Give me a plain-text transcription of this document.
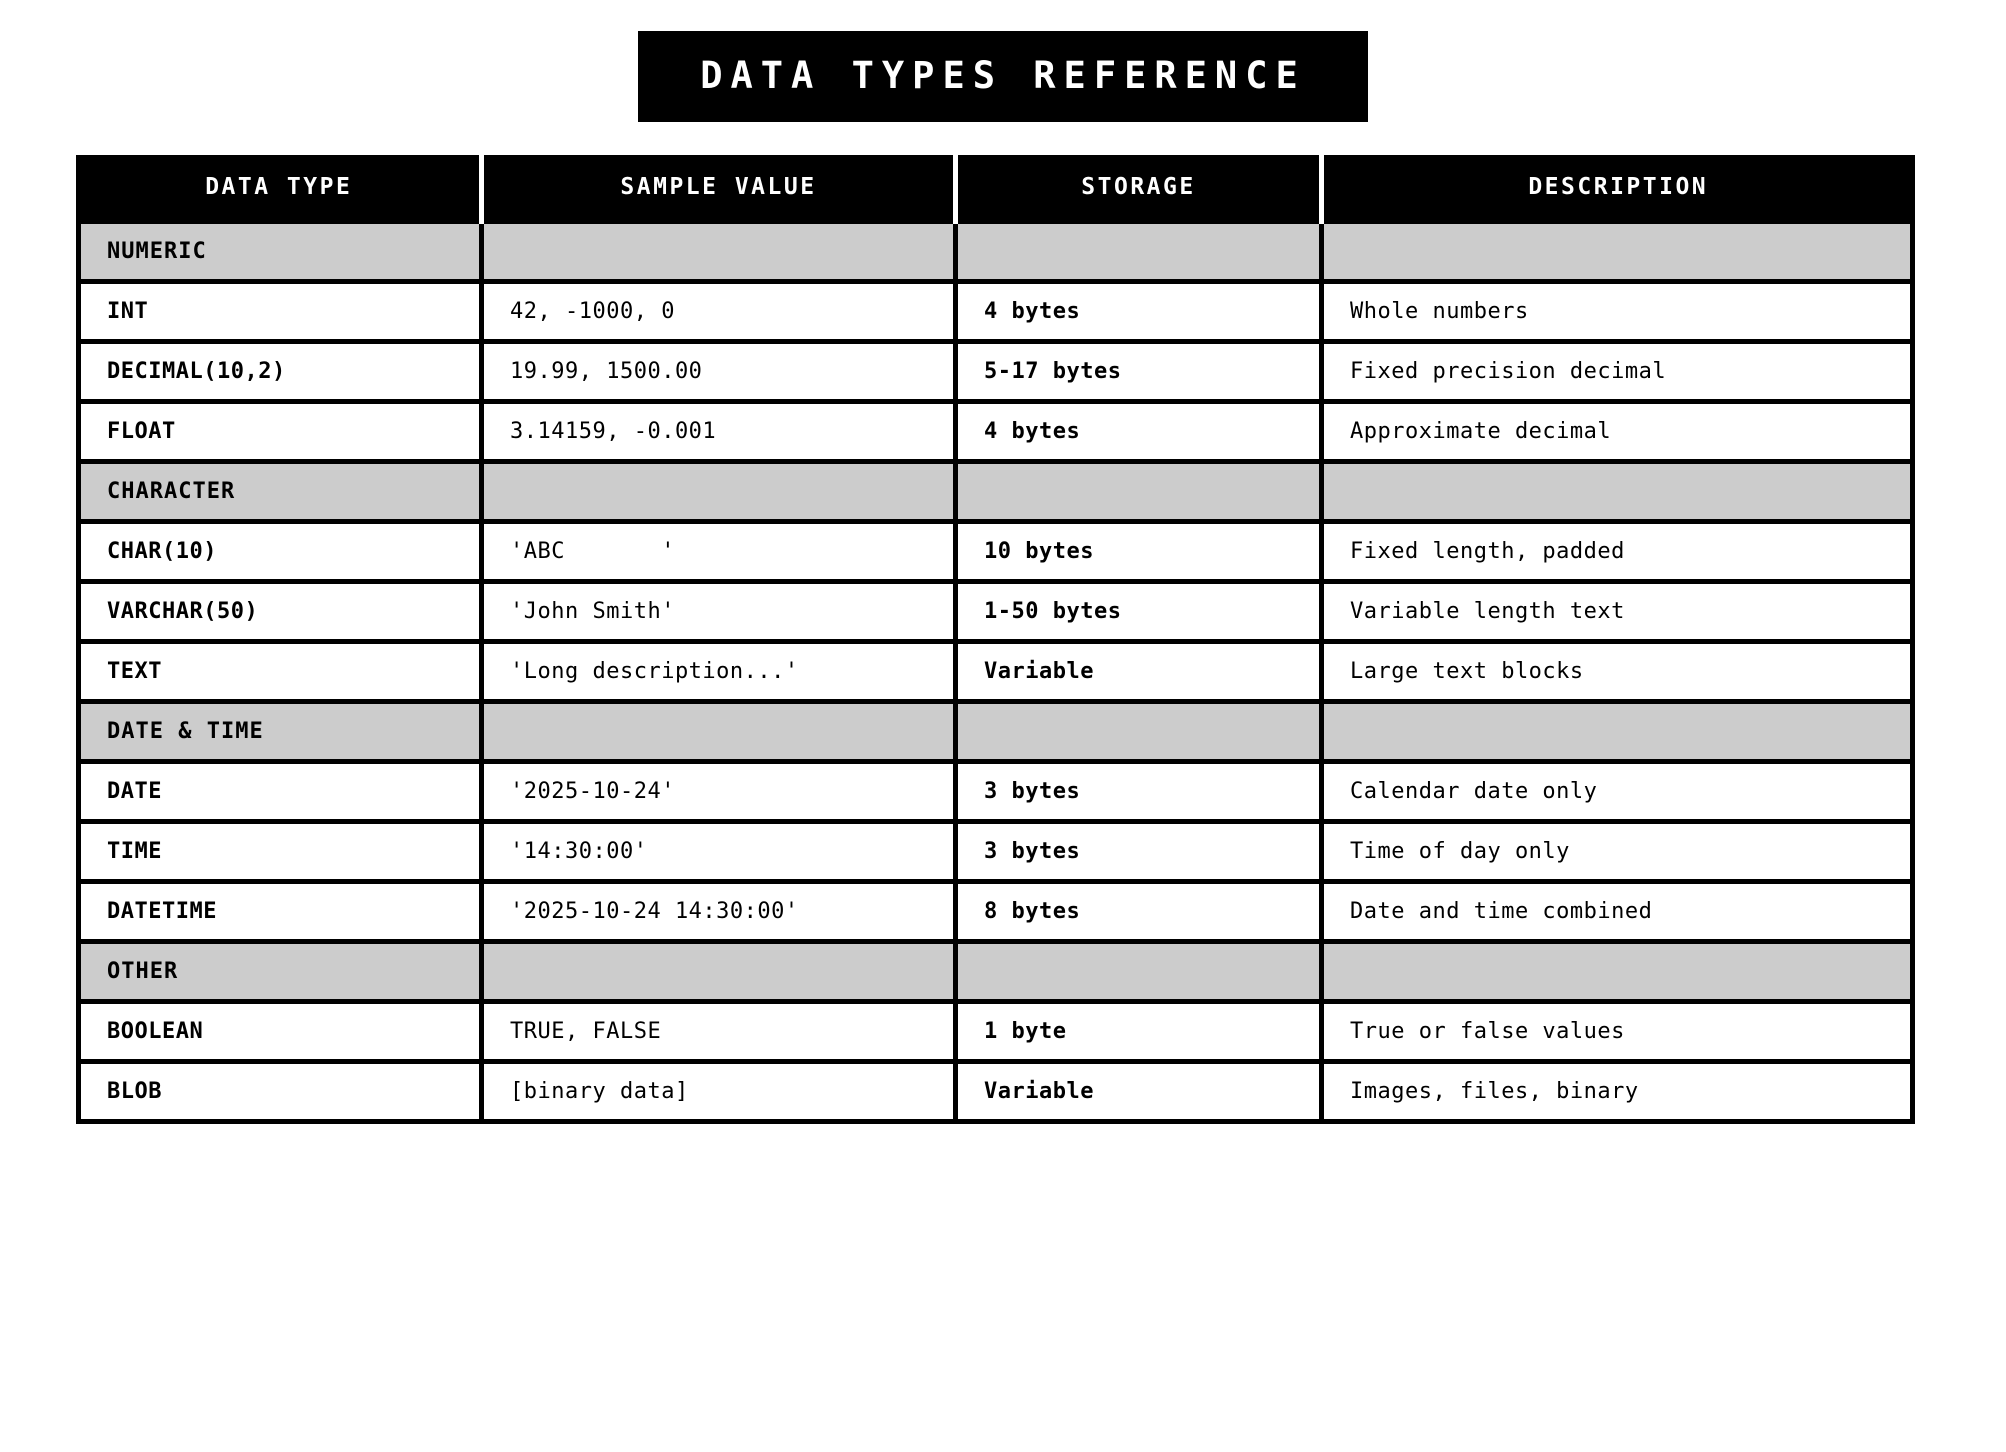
DATA TYPES REFERENCE
DATA TYPE	SAMPLE VALUE	STORAGE	DESCRIPTION
NUMERIC			
INT	42, -1000, 0	4 bytes	Whole numbers
DECIMAL(10,2)	19.99, 1500.00	5-17 bytes	Fixed precision decimal
FLOAT	3.14159, -0.001	4 bytes	Approximate decimal
CHARACTER			
CHAR(10)	'ABC       '	10 bytes	Fixed length, padded
VARCHAR(50)	'John Smith'	1-50 bytes	Variable length text
TEXT	'Long description...'	Variable	Large text blocks
DATE & TIME			
DATE	'2025-10-24'	3 bytes	Calendar date only
TIME	'14:30:00'	3 bytes	Time of day only
DATETIME	'2025-10-24 14:30:00'	8 bytes	Date and time combined
OTHER			
BOOLEAN	TRUE, FALSE	1 byte	True or false values
BLOB	[binary data]	Variable	Images, files, binary
